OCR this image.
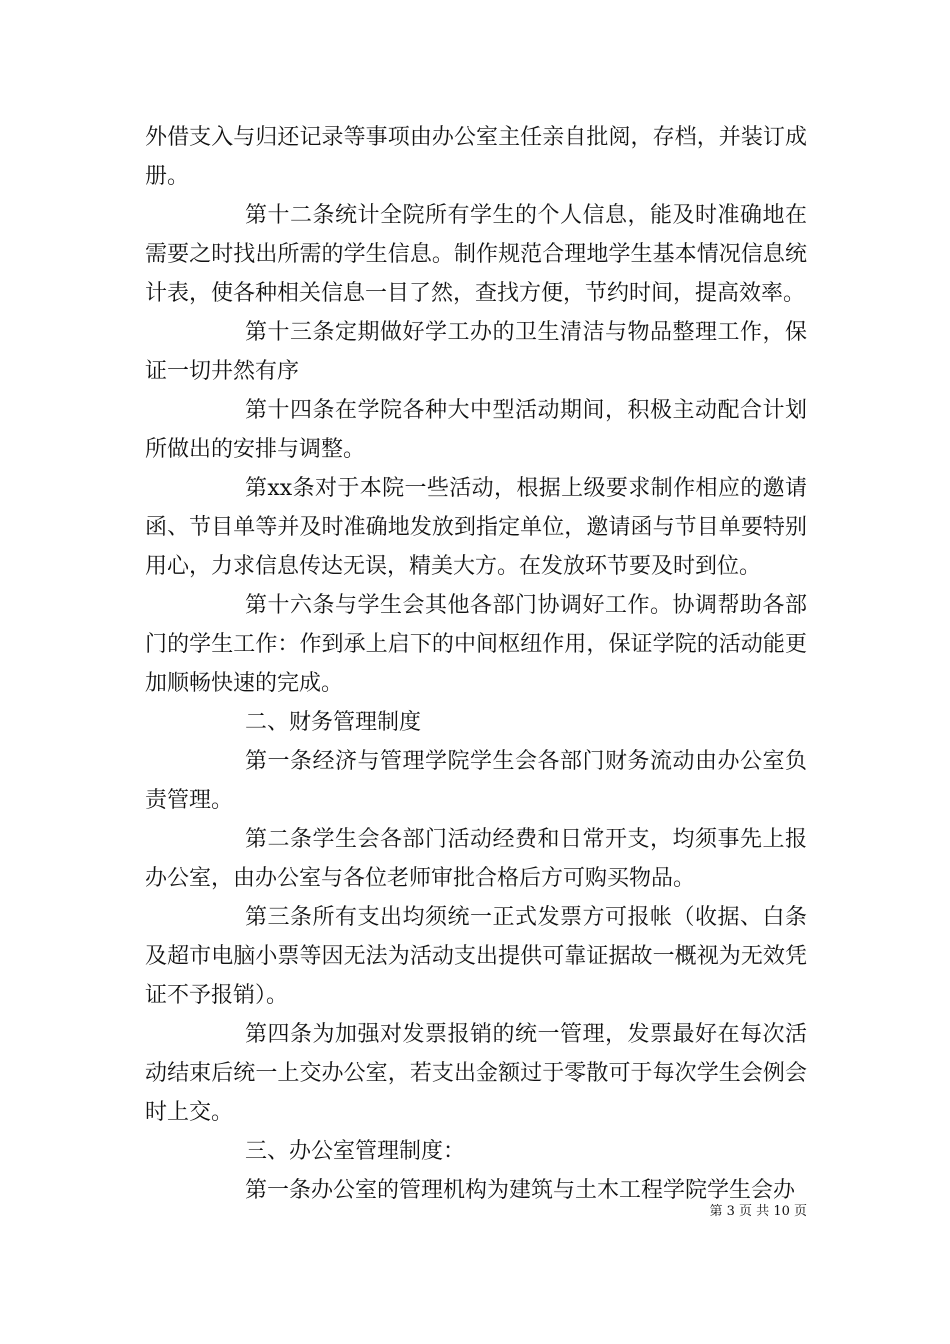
外借支入与归还记录等事项由办公室主任亲自批阅，存档，并装订成册。

第十二条统计全院所有学生的个人信息，能及时准确地在需要之时找出所需的学生信息。制作规范合理地学生基本情况信息统计表，使各种相关信息一目了然，查找方便，节约时间，提高效率。

第十三条定期做好学工办的卫生清洁与物品整理工作，保证一切井然有序

第十四条在学院各种大中型活动期间，积极主动配合计划所做出的安排与调整。

第xx条对于本院一些活动，根据上级要求制作相应的邀请函、节目单等并及时准确地发放到指定单位，邀请函与节目单要特别用心，力求信息传达无误，精美大方。在发放环节要及时到位。

第十六条与学生会其他各部门协调好工作。协调帮助各部门的学生工作：作到承上启下的中间枢纽作用，保证学院的活动能更加顺畅快速的完成。

二、财务管理制度

第一条经济与管理学院学生会各部门财务流动由办公室负责管理。

第二条学生会各部门活动经费和日常开支，均须事先上报办公室，由办公室与各位老师审批合格后方可购买物品。

第三条所有支出均须统一正式发票方可报帐（收据、白条及超市电脑小票等因无法为活动支出提供可靠证据故一概视为无效凭证不予报销）。

第四条为加强对发票报销的统一管理，发票最好在每次活动结束后统一上交办公室，若支出金额过于零散可于每次学生会例会时上交。

三、办公室管理制度：

第一条办公室的管理机构为建筑与土木工程学院学生会办

第 3 页 共 10 页
